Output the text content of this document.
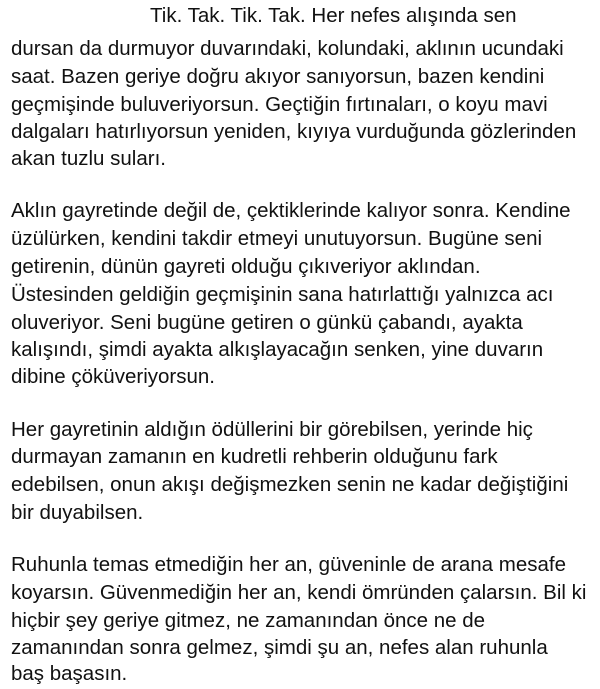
Tik. Tak. Tik. Tak. Her nefes alışında sen
dursan da durmuyor duvarındaki, kolundaki, aklının ucundaki
saat. Bazen geriye doğru akıyor sanıyorsun, bazen kendini
geçmişinde buluveriyorsun. Geçtiğin fırtınaları, o koyu mavi
dalgaları hatırlıyorsun yeniden, kıyıya vurduğunda gözlerinden
akan tuzlu suları.
Aklın gayretinde değil de, çektiklerinde kalıyor sonra. Kendine
üzülürken, kendini takdir etmeyi unutuyorsun. Bugüne seni
getirenin, dünün gayreti olduğu çıkıveriyor aklından.
Üstesinden geldiğin geçmişinin sana hatırlattığı yalnızca acı
oluveriyor. Seni bugüne getiren o günkü çabandı, ayakta
kalışındı, şimdi ayakta alkışlayacağın senken, yine duvarın
dibine çöküveriyorsun.
Her gayretinin aldığın ödüllerini bir görebilsen, yerinde hiç
durmayan zamanın en kudretli rehberin olduğunu fark
edebilsen, onun akışı değişmezken senin ne kadar değiştiğini
bir duyabilsen.
Ruhunla temas etmediğin her an, güveninle de arana mesafe
koyarsın. Güvenmediğin her an, kendi ömründen çalarsın. Bil ki
hiçbir şey geriye gitmez, ne zamanından önce ne de
zamanından sonra gelmez, şimdi şu an, nefes alan ruhunla
baş başasın.
